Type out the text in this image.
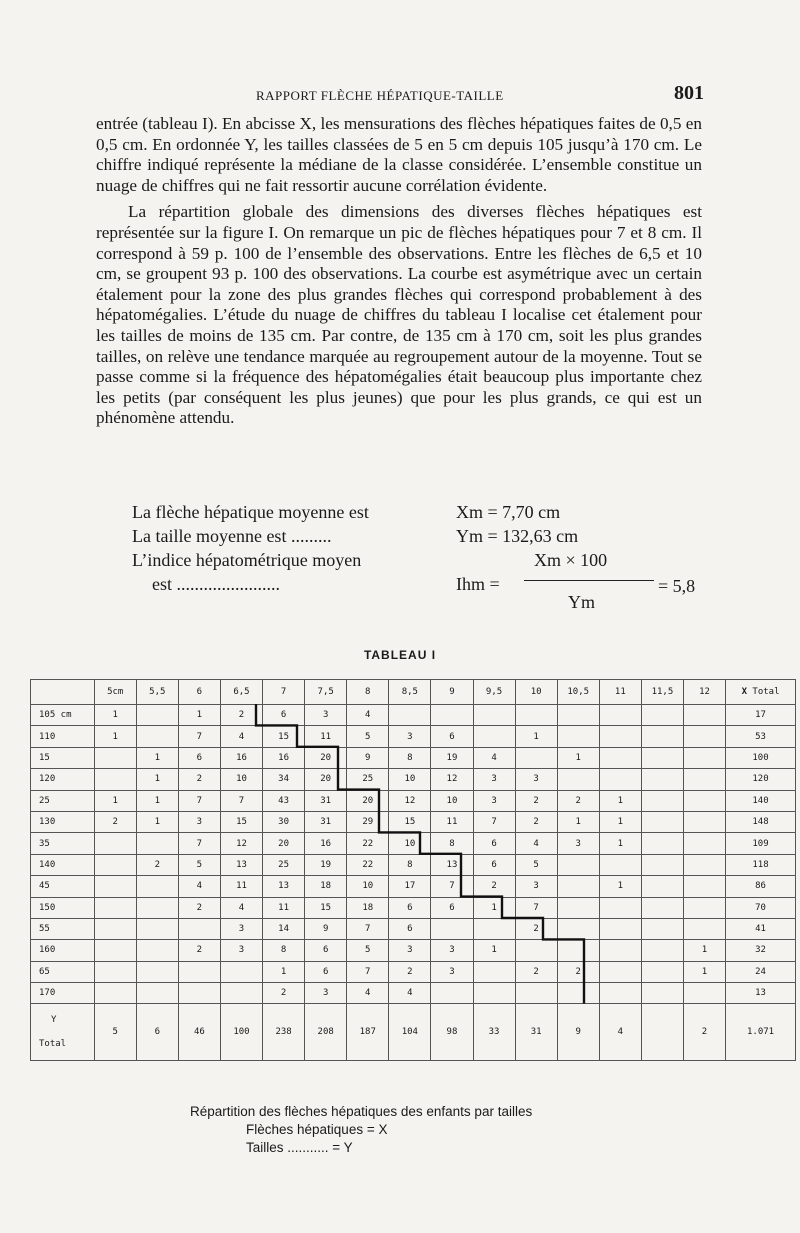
RAPPORT FLÈCHE HÉPATIQUE-TAILLE	801

entrée (tableau I). En abcisse X, les mensurations des flèches hépatiques faites de 0,5 en 0,5 cm. En ordonnée Y, les tailles classées de 5 en 5 cm depuis 105 jusqu’à 170 cm. Le chiffre indiqué représente la médiane de la classe considérée. L’ensemble constitue un nuage de chiffres qui ne fait ressortir aucune corrélation évidente.

La répartition globale des dimensions des diverses flèches hépatiques est représentée sur la figure I. On remarque un pic de flèches hépatiques pour 7 et 8 cm. Il correspond à 59 p. 100 de l’ensemble des observations. Entre les flèches de 6,5 et 10 cm, se groupent 93 p. 100 des observations. La courbe est asymétrique avec un certain étalement pour la zone des plus grandes flèches qui correspond probablement à des hépatomégalies. L’étude du nuage de chiffres du tableau I localise cet étalement pour les tailles de moins de 135 cm. Par contre, de 135 cm à 170 cm, soit les plus grandes tailles, on relève une tendance marquée au regroupement autour de la moyenne. Tout se passe comme si la fréquence des hépatomégalies était beaucoup plus importante chez les petits (par conséquent les plus jeunes) que pour les plus grands, ce qui est un phénomène attendu.

La flèche hépatique moyenne est	Xm = 7,70 cm
La taille moyenne est .........	Ym = 132,63 cm
L’indice hépatométrique moyen
est .......................	Ihm =
Xm × 100
Ym
= 5,8
TABLEAU I
	5cm	5,5	6	6,5	7	7,5	8	8,5	9	9,5	10	10,5	11	11,5	12	X Total
105 cm	1		1	2	6	3	4									17
110	1		7	4	15	11	5	3	6		1					53
15		1	6	16	16	20	9	8	19	4		1				100
120		1	2	10	34	20	25	10	12	3	3					120
25	1	1	7	7	43	31	20	12	10	3	2	2	1			140
130	2	1	3	15	30	31	29	15	11	7	2	1	1			148
35			7	12	20	16	22	10	8	6	4	3	1			109
140		2	5	13	25	19	22	8	13	6	5					118
45			4	11	13	18	10	17	7	2	3		1			86
150			2	4	11	15	18	6	6	1	7					70
55				3	14	9	7	6			2					41
160			2	3	8	6	5	3	3	1					1	32
65					1	6	7	2	3		2	2			1	24
170					2	3	4	4								13

Y
Total	5	6	46	100	238	208	187	104	98	33	31	9	4		2	1.071
Répartition des flèches hépatiques des enfants par tailles
Flèches hépatiques = X
Tailles ........... = Y
